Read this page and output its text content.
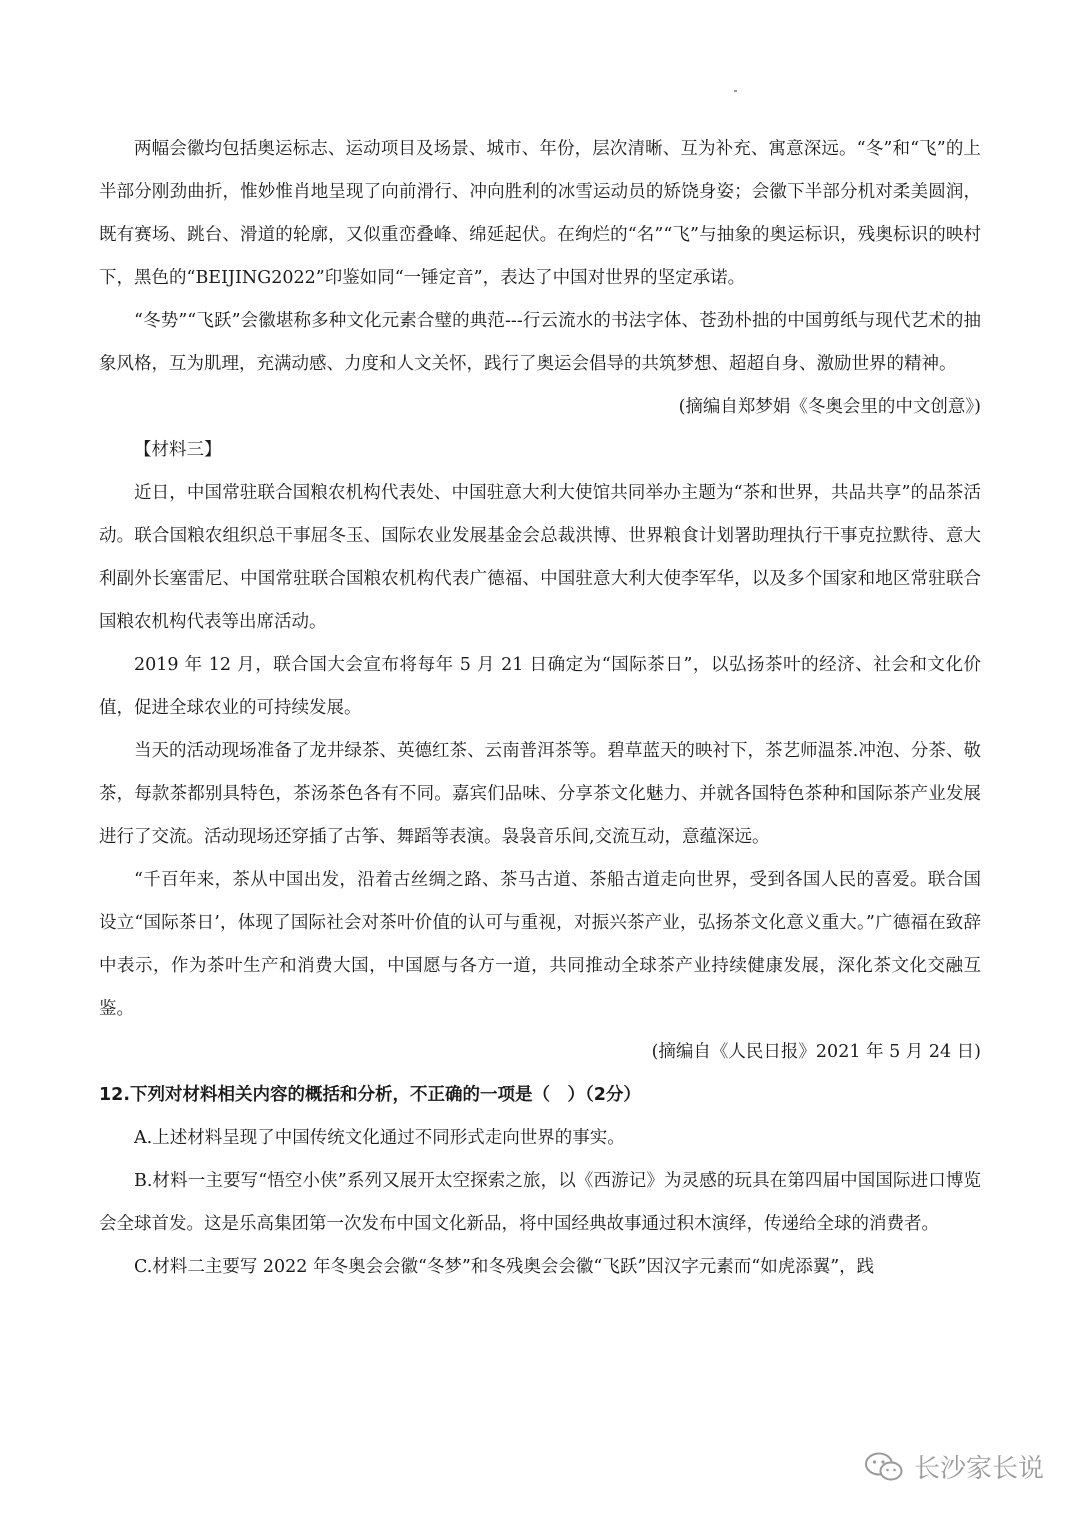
两幅会徽均包括奥运标志、运动项目及场景、城市、年份，层次清晰、互为补充、寓意深远。“冬”和“飞”的上半部分刚劲曲折，惟妙惟肖地呈现了向前滑行、冲向胜利的冰雪运动员的矫饶身姿；会徽下半部分机对柔美圆润，既有赛场、跳台、滑道的轮廓，又似重峦叠峰、绵延起伏。在绚烂的“名”“飞”与抽象的奥运标识，残奥标识的映村下，黑色的“BEIJING2022”印鉴如同“一锤定音”，表达了中国对世界的坚定承诺。

“冬势”“飞跃”会徽堪称多种文化元素合璧的典范---行云流水的书法字体、苍劲朴拙的中国剪纸与现代艺术的抽象风格，互为肌理，充满动感、力度和人文关怀，践行了奥运会倡导的共筑梦想、超超自身、激励世界的精神。

(摘编自郑梦娟《冬奥会里的中文创意》)

【材料三】

近日，中国常驻联合国粮农机构代表处、中国驻意大利大使馆共同举办主题为“茶和世界，共品共享”的品茶活动。联合国粮农组织总干事屈冬玉、国际农业发展基金会总裁洪博、世界粮食计划署助理执行干事克拉默待、意大利副外长塞雷尼、中国常驻联合国粮农机构代表广德福、中国驻意大利大使李军华，以及多个国家和地区常驻联合国粮农机构代表等出席活动。

2019 年 12 月，联合国大会宣布将每年 5 月 21 日确定为“国际茶日”，以弘扬茶叶的经济、社会和文化价值，促进全球农业的可持续发展。

当天的活动现场准备了龙井绿茶、英德红茶、云南普洱茶等。碧草蓝天的映衬下，茶艺师温茶.冲泡、分茶、敬茶，每款茶都别具特色，茶汤茶色各有不同。嘉宾们品味、分享茶文化魅力、并就各国特色茶种和国际茶产业发展进行了交流。活动现场还穿插了古筝、舞蹈等表演。袅袅音乐间,交流互动，意蕴深远。

“千百年来，茶从中国出发，沿着古丝绸之路、茶马古道、茶船古道走向世界，受到各国人民的喜爱。联合国设立“国际茶日’，体现了国际社会对茶叶价值的认可与重视，对振兴茶产业，弘扬茶文化意义重大。”广德福在致辞中表示，作为茶叶生产和消费大国，中国愿与各方一道，共同推动全球茶产业持续健康发展，深化茶文化交融互鉴。

(摘编自《人民日报》2021 年 5 月 24 日)

12.下列对材料相关内容的概括和分析，不正确的一项是（　）（2分）

A.上述材料呈现了中国传统文化通过不同形式走向世界的事实。

B.材料一主要写“悟空小侠”系列又展开太空探索之旅，以《西游记》为灵感的玩具在第四届中国国际进口博览会全球首发。这是乐高集团第一次发布中国文化新品，将中国经典故事通过积木演绎，传递给全球的消费者。

C.材料二主要写 2022 年冬奥会会徽“冬梦”和冬残奥会会徽“飞跃”因汉字元素而“如虎添翼”，践

长沙家长说
